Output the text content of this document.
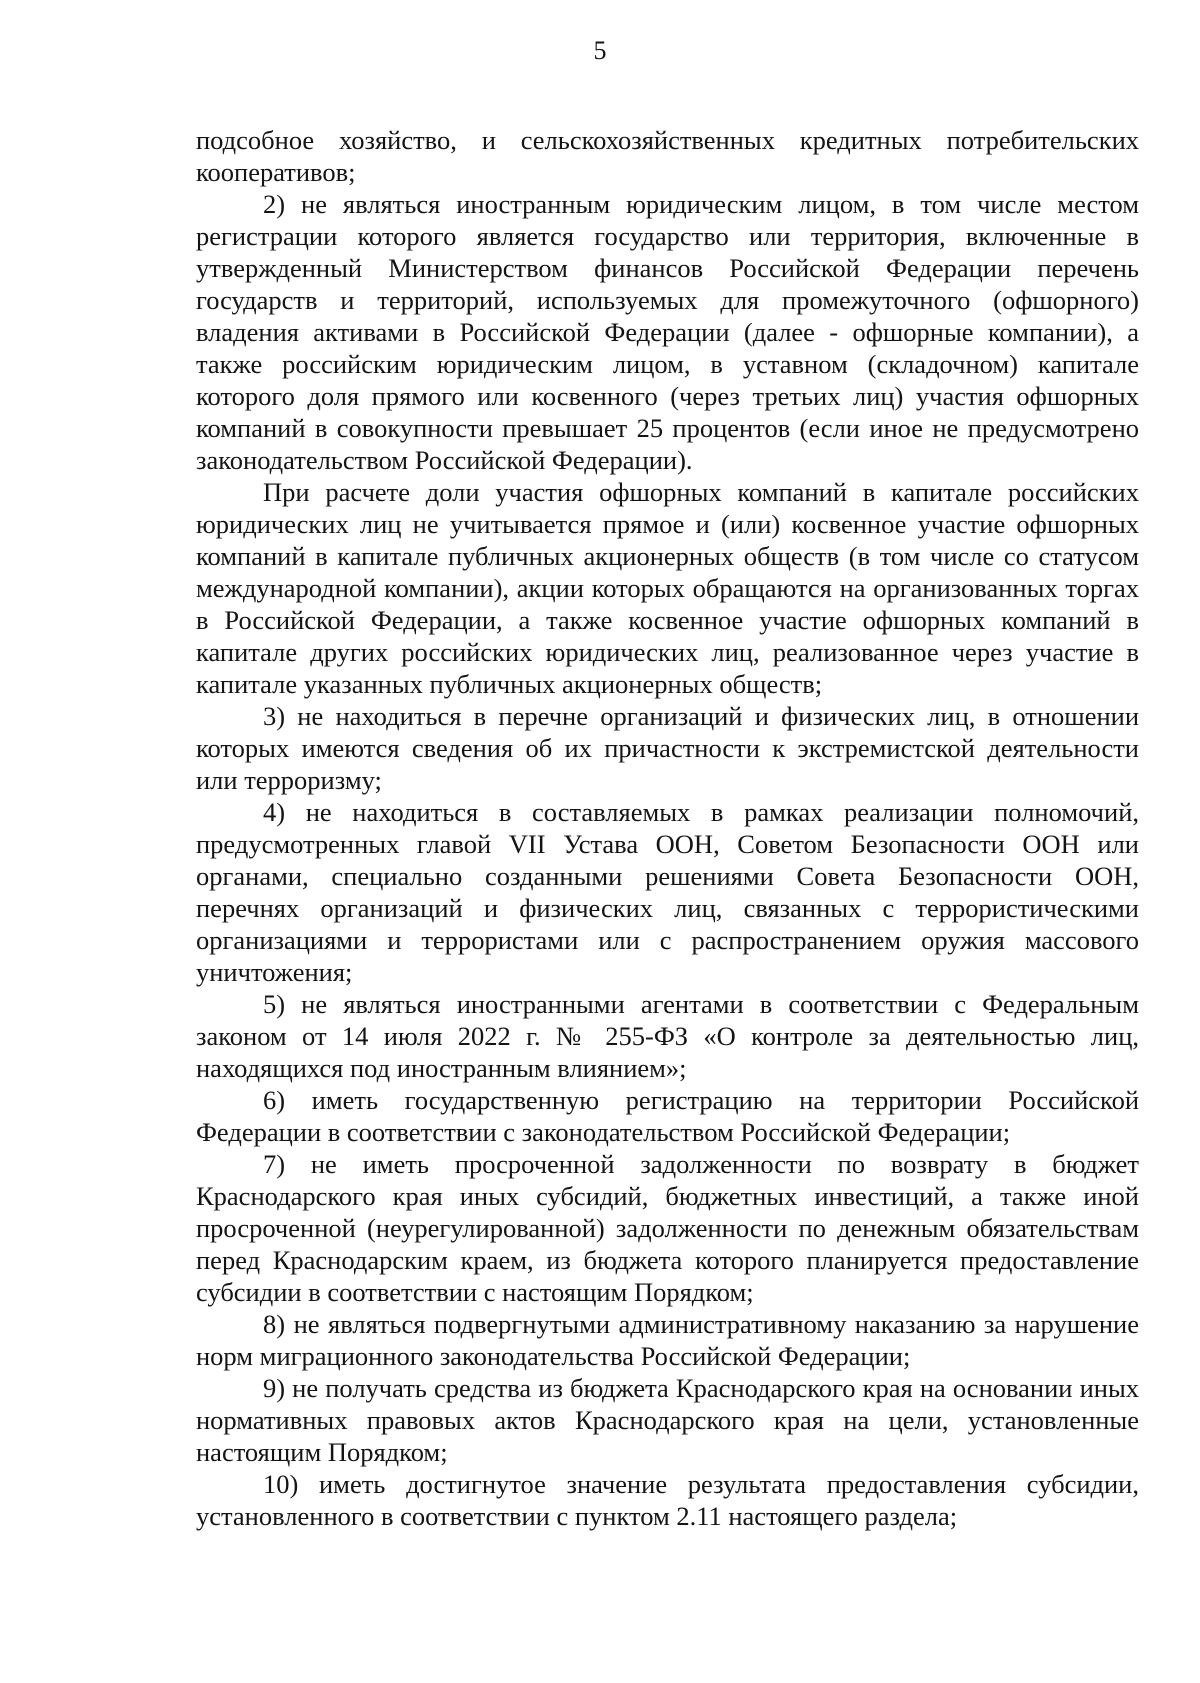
5

подсобное хозяйство, и сельскохозяйственных кредитных потребительских кооперативов;

2) не являться иностранным юридическим лицом, в том числе местом регистрации которого является государство или территория, включенные в утвержденный Министерством финансов Российской Федерации перечень государств и территорий, используемых для промежуточного (офшорного) владения активами в Российской Федерации (далее - офшорные компании), а также российским юридическим лицом, в уставном (складочном) капитале которого доля прямого или косвенного (через третьих лиц) участия офшорных компаний в совокупности превышает 25 процентов (если иное не предусмотрено законодательством Российской Федерации).

При расчете доли участия офшорных компаний в капитале российских юридических лиц не учитывается прямое и (или) косвенное участие офшорных компаний в капитале публичных акционерных обществ (в том числе со статусом международной компании), акции которых обращаются на организованных торгах в Российской Федерации, а также косвенное участие офшорных компаний в капитале других российских юридических лиц, реализованное через участие в капитале указанных публичных акционерных обществ;

3) не находиться в перечне организаций и физических лиц, в отношении которых имеются сведения об их причастности к экстремистской деятельности или терроризму;

4) не находиться в составляемых в рамках реализации полномочий, предусмотренных главой VII Устава ООН, Советом Безопасности ООН или органами, специально созданными решениями Совета Безопасности ООН, перечнях организаций и физических лиц, связанных с террористическими организациями и террористами или с распространением оружия массового уничтожения;

5) не являться иностранными агентами в соответствии с Федеральным законом от 14 июля 2022 г. № 255-ФЗ «О контроле за деятельностью лиц, находящихся под иностранным влиянием»;

6) иметь государственную регистрацию на территории Российской Федерации в соответствии с законодательством Российской Федерации;

7) не иметь просроченной задолженности по возврату в бюджет Краснодарского края иных субсидий, бюджетных инвестиций, а также иной просроченной (неурегулированной) задолженности по денежным обязательствам перед Краснодарским краем, из бюджета которого планируется предоставление субсидии в соответствии с настоящим Порядком;

8) не являться подвергнутыми административному наказанию за нарушение норм миграционного законодательства Российской Федерации;

9) не получать средства из бюджета Краснодарского края на основании иных нормативных правовых актов Краснодарского края на цели, установленные настоящим Порядком;

10) иметь достигнутое значение результата предоставления субсидии, установленного в соответствии с пунктом 2.11 настоящего раздела;
